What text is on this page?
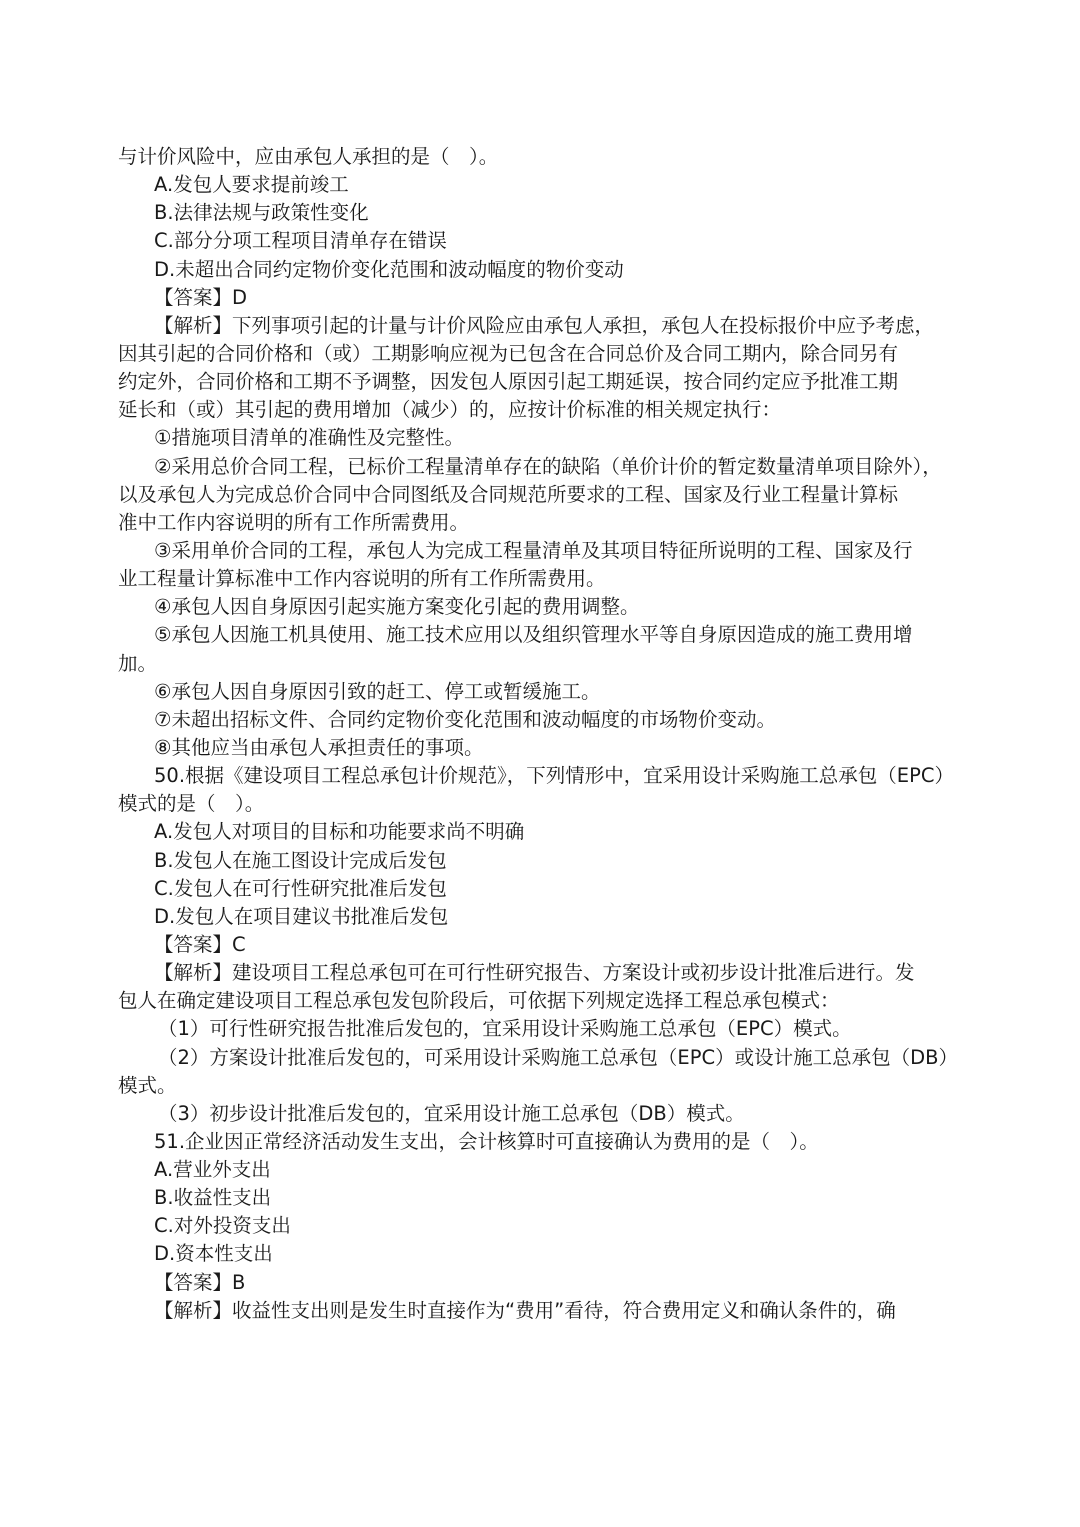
与计价风险中，应由承包人承担的是（　）。
A.发包人要求提前竣工
B.法律法规与政策性变化
C.部分分项工程项目清单存在错误
D.未超出合同约定物价变化范围和波动幅度的物价变动
【答案】D
【解析】下列事项引起的计量与计价风险应由承包人承担，承包人在投标报价中应予考虑，
因其引起的合同价格和（或）工期影响应视为已包含在合同总价及合同工期内，除合同另有
约定外，合同价格和工期不予调整，因发包人原因引起工期延误，按合同约定应予批准工期
延长和（或）其引起的费用增加（减少）的，应按计价标准的相关规定执行：
①措施项目清单的准确性及完整性。
②采用总价合同工程，已标价工程量清单存在的缺陷（单价计价的暂定数量清单项目除外），
以及承包人为完成总价合同中合同图纸及合同规范所要求的工程、国家及行业工程量计算标
准中工作内容说明的所有工作所需费用。
③采用单价合同的工程，承包人为完成工程量清单及其项目特征所说明的工程、国家及行
业工程量计算标准中工作内容说明的所有工作所需费用。
④承包人因自身原因引起实施方案变化引起的费用调整。
⑤承包人因施工机具使用、施工技术应用以及组织管理水平等自身原因造成的施工费用增
加。
⑥承包人因自身原因引致的赶工、停工或暂缓施工。
⑦未超出招标文件、合同约定物价变化范围和波动幅度的市场物价变动。
⑧其他应当由承包人承担责任的事项。
50.根据《建设项目工程总承包计价规范》，下列情形中，宜采用设计采购施工总承包（EPC）
模式的是（　）。
A.发包人对项目的目标和功能要求尚不明确
B.发包人在施工图设计完成后发包
C.发包人在可行性研究批准后发包
D.发包人在项目建议书批准后发包
【答案】C
【解析】建设项目工程总承包可在可行性研究报告、方案设计或初步设计批准后进行。发
包人在确定建设项目工程总承包发包阶段后，可依据下列规定选择工程总承包模式：
（1）可行性研究报告批准后发包的，宜采用设计采购施工总承包（EPC）模式。
（2）方案设计批准后发包的，可采用设计采购施工总承包（EPC）或设计施工总承包（DB）
模式。
（3）初步设计批准后发包的，宜采用设计施工总承包（DB）模式。
51.企业因正常经济活动发生支出，会计核算时可直接确认为费用的是（　）。
A.营业外支出
B.收益性支出
C.对外投资支出
D.资本性支出
【答案】B
【解析】收益性支出则是发生时直接作为“费用”看待，符合费用定义和确认条件的，确
